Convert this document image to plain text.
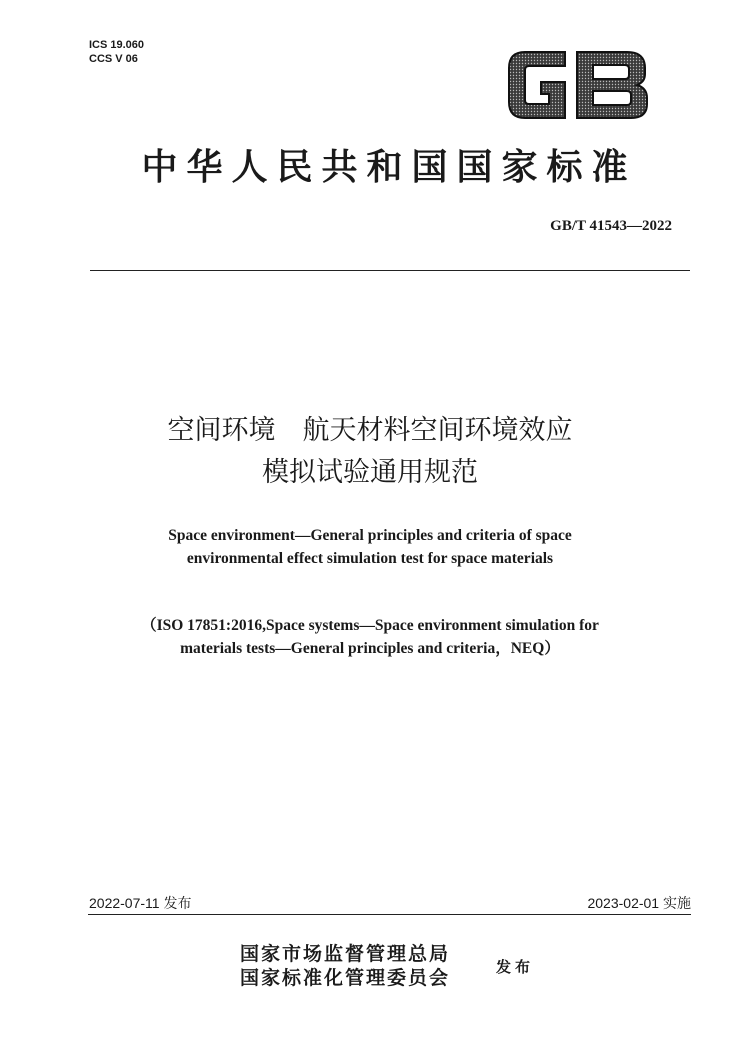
ICS 19.060
CCS V 06
中华人民共和国国家标准
GB/T 41543—2022
空间环境　航天材料空间环境效应
模拟试验通用规范
Space environment—General principles and criteria of space
environmental effect simulation test for space materials
（ISO 17851:2016,Space systems—Space environment simulation for
materials tests—General principles and criteria，NEQ）
2022-07-11 发布	2023-02-01 实施
国家市场监督管理总局
国家标准化管理委员会	发布
